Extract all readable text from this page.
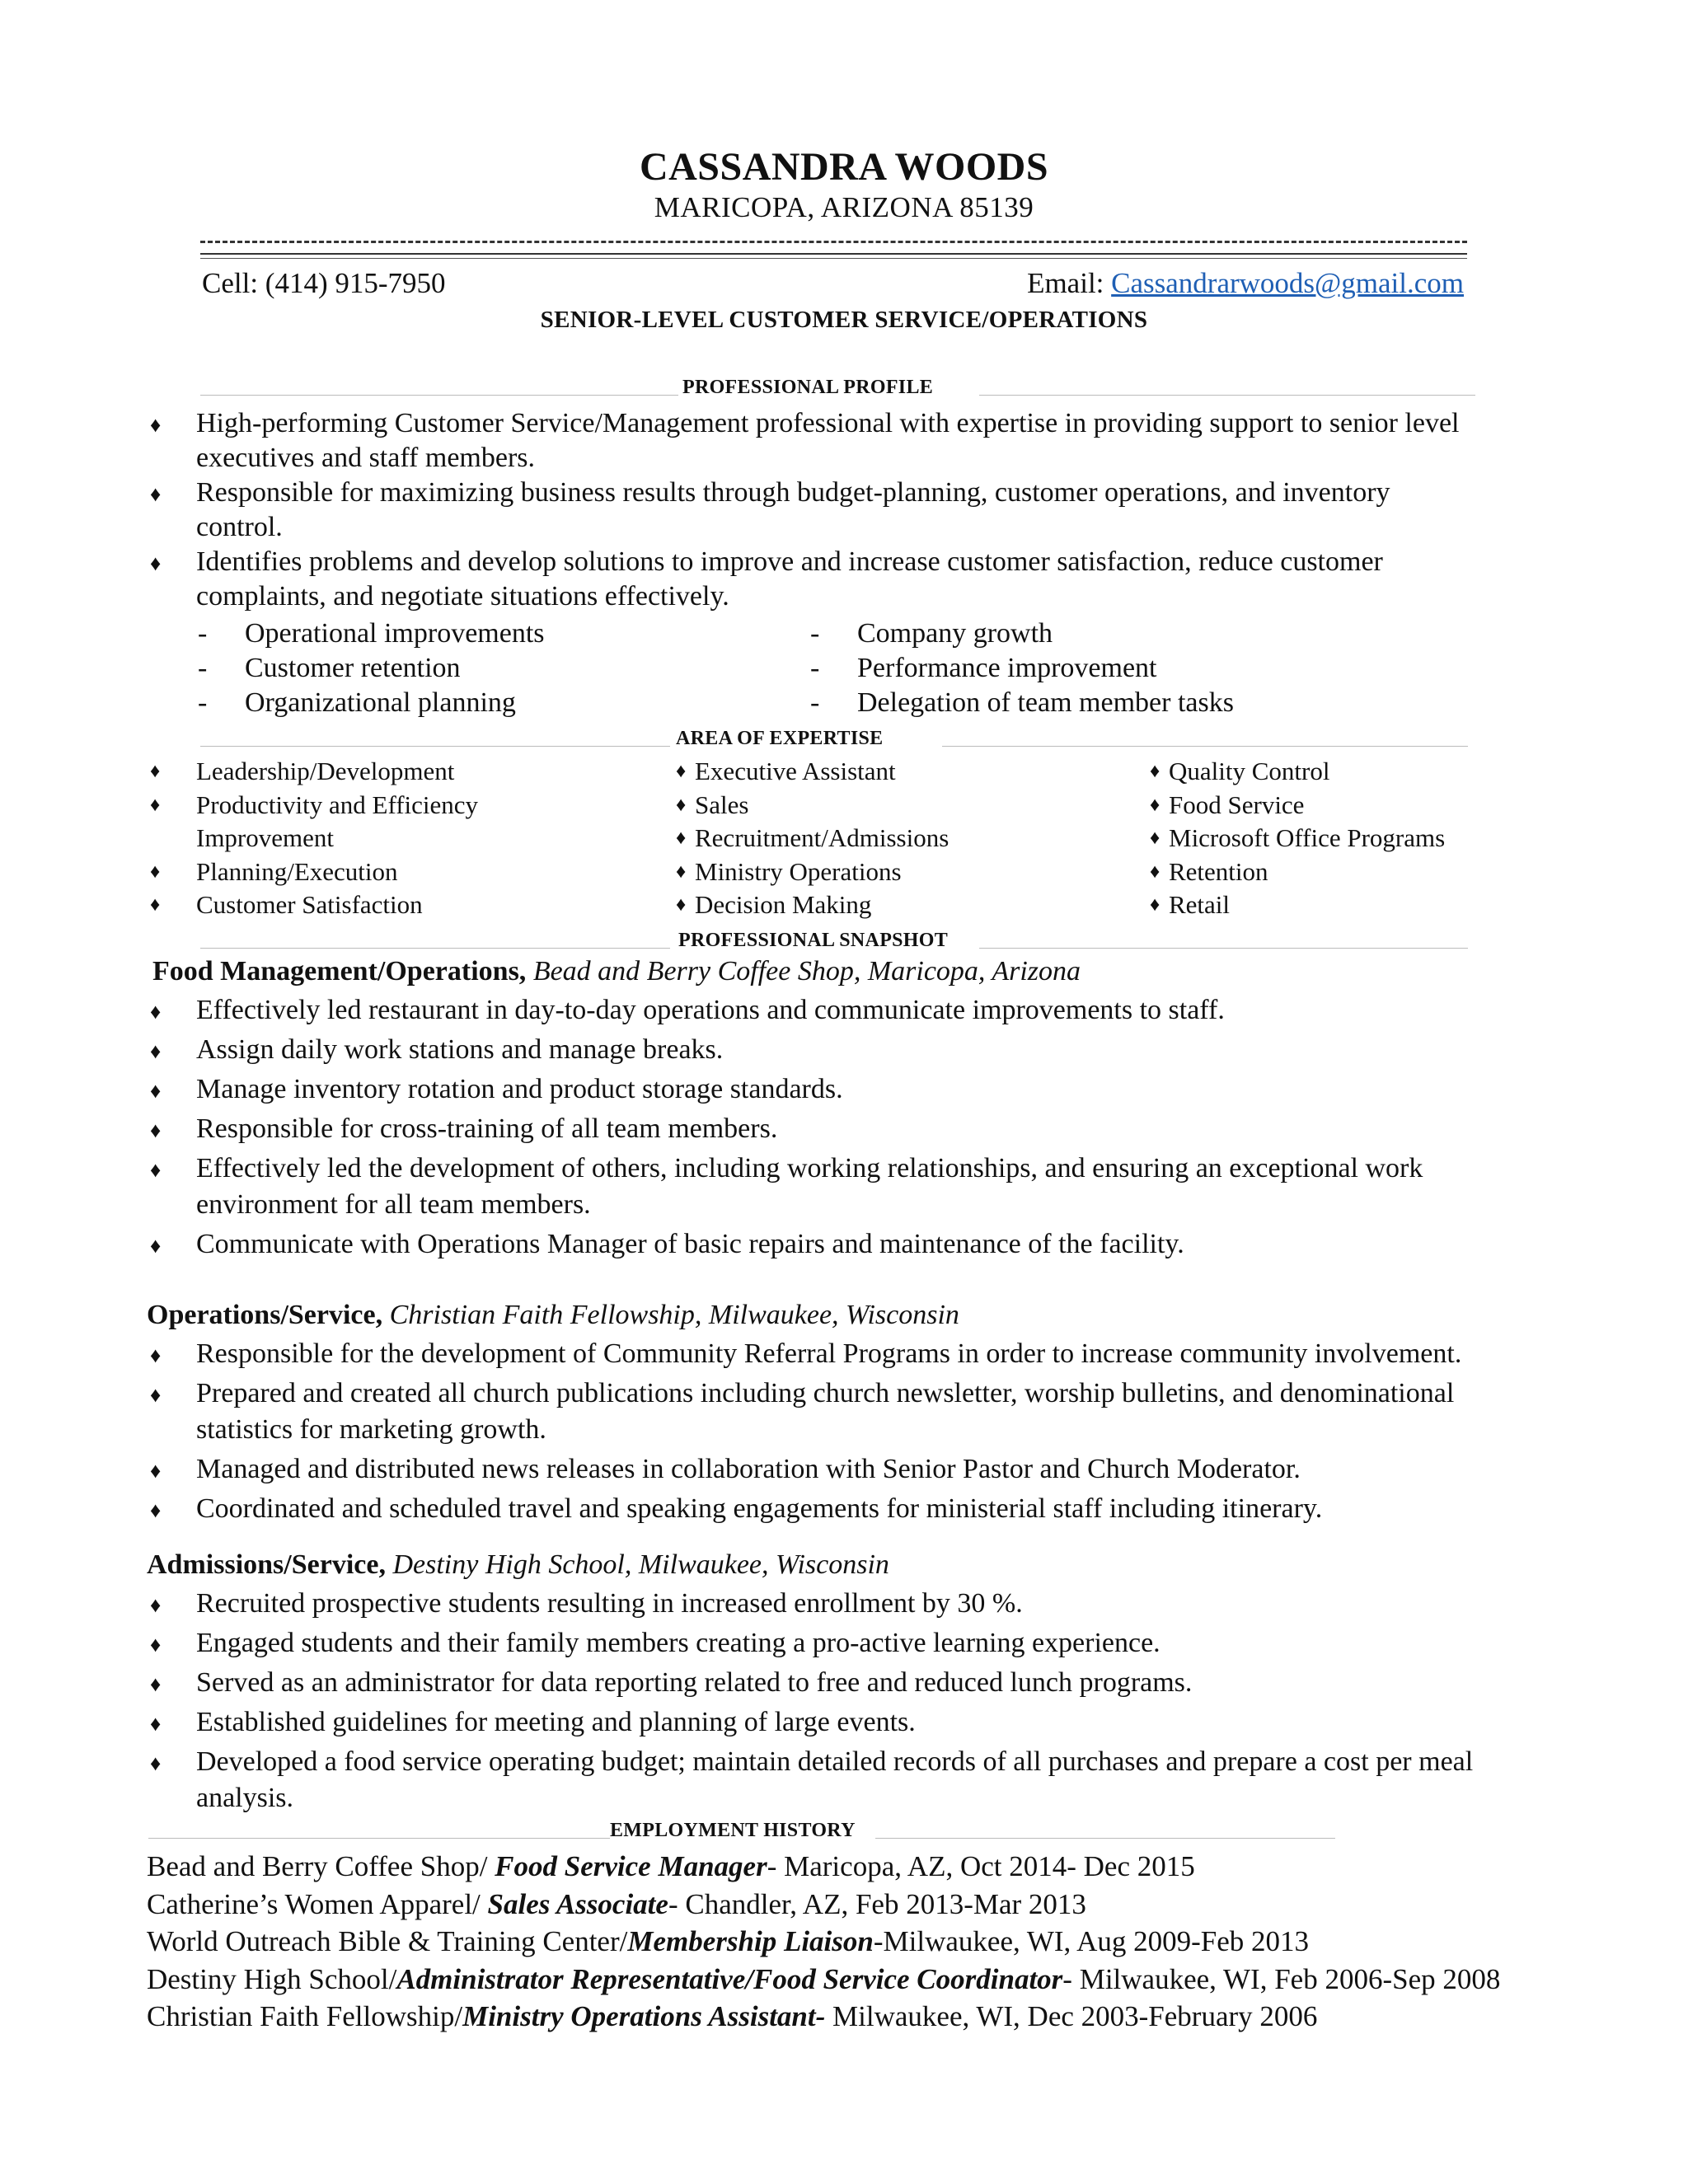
CASSANDRA WOODS
MARICOPA, ARIZONA 85139
Cell: (414) 915-7950	Email: Cassandrarwoods@gmail.com
SENIOR-LEVEL CUSTOMER SERVICE/OPERATIONS
PROFESSIONAL PROFILE
♦ High-performing Customer Service/Management professional with expertise in providing support to senior level
executives and staff members.
♦ Responsible for maximizing business results through budget-planning, customer operations, and inventory
control.
♦ Identifies problems and develop solutions to improve and increase customer satisfaction, reduce customer
complaints, and negotiate situations effectively.
- Operational improvements
- Customer retention
- Organizational planning
- Company growth
- Performance improvement
- Delegation of team member tasks
AREA OF EXPERTISE
♦ Leadership/Development
♦ Productivity and Efficiency
Improvement
♦ Planning/Execution
♦ Customer Satisfaction
♦ Executive Assistant
♦ Sales
♦ Recruitment/Admissions
♦ Ministry Operations
♦ Decision Making
♦ Quality Control
♦ Food Service
♦ Microsoft Office Programs
♦ Retention
♦ Retail
PROFESSIONAL SNAPSHOT
Food Management/Operations, Bead and Berry Coffee Shop, Maricopa, Arizona
♦ Effectively led restaurant in day-to-day operations and communicate improvements to staff.
♦ Assign daily work stations and manage breaks.
♦ Manage inventory rotation and product storage standards.
♦ Responsible for cross-training of all team members.
♦ Effectively led the development of others, including working relationships, and ensuring an exceptional work
environment for all team members.
♦ Communicate with Operations Manager of basic repairs and maintenance of the facility.
Operations/Service, Christian Faith Fellowship, Milwaukee, Wisconsin
♦ Responsible for the development of Community Referral Programs in order to increase community involvement.
♦ Prepared and created all church publications including church newsletter, worship bulletins, and denominational
statistics for marketing growth.
♦ Managed and distributed news releases in collaboration with Senior Pastor and Church Moderator.
♦ Coordinated and scheduled travel and speaking engagements for ministerial staff including itinerary.
Admissions/Service, Destiny High School, Milwaukee, Wisconsin
♦ Recruited prospective students resulting in increased enrollment by 30 %.
♦ Engaged students and their family members creating a pro-active learning experience.
♦ Served as an administrator for data reporting related to free and reduced lunch programs.
♦ Established guidelines for meeting and planning of large events.
♦ Developed a food service operating budget; maintain detailed records of all purchases and prepare a cost per meal
analysis.
EMPLOYMENT HISTORY
Bead and Berry Coffee Shop/ Food Service Manager- Maricopa, AZ, Oct 2014- Dec 2015
Catherine’s Women Apparel/ Sales Associate- Chandler, AZ, Feb 2013-Mar 2013
World Outreach Bible & Training Center/Membership Liaison-Milwaukee, WI, Aug 2009-Feb 2013
Destiny High School/Administrator Representative/Food Service Coordinator- Milwaukee, WI, Feb 2006-Sep 2008
Christian Faith Fellowship/Ministry Operations Assistant- Milwaukee, WI, Dec 2003-February 2006
